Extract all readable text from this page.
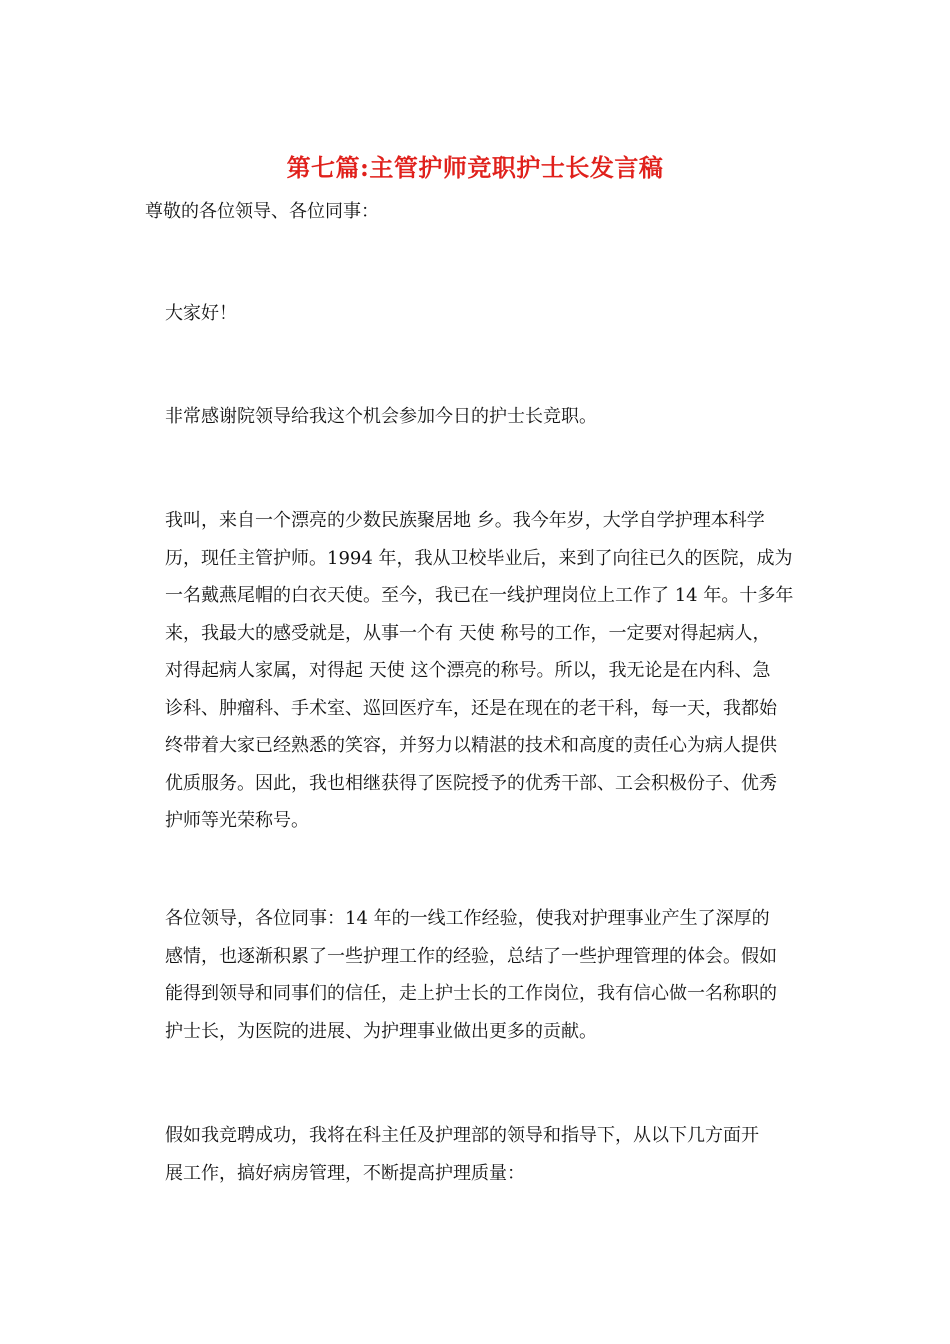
第七篇:主管护师竞职护士长发言稿
尊敬的各位领导、各位同事：
大家好！
非常感谢院领导给我这个机会参加今日的护士长竞职。
我叫，来自一个漂亮的少数民族聚居地 乡。我今年岁，大学自学护理本科学
历，现任主管护师。1994 年，我从卫校毕业后，来到了向往已久的医院，成为
一名戴燕尾帽的白衣天使。至今，我已在一线护理岗位上工作了 14 年。十多年
来，我最大的感受就是，从事一个有 天使 称号的工作，一定要对得起病人，
对得起病人家属，对得起 天使 这个漂亮的称号。所以，我无论是在内科、急
诊科、肿瘤科、手术室、巡回医疗车，还是在现在的老干科，每一天，我都始
终带着大家已经熟悉的笑容，并努力以精湛的技术和高度的责任心为病人提供
优质服务。因此，我也相继获得了医院授予的优秀干部、工会积极份子、优秀
护师等光荣称号。
各位领导，各位同事：14 年的一线工作经验，使我对护理事业产生了深厚的
感情，也逐渐积累了一些护理工作的经验，总结了一些护理管理的体会。假如
能得到领导和同事们的信任，走上护士长的工作岗位，我有信心做一名称职的
护士长，为医院的进展、为护理事业做出更多的贡献。
假如我竞聘成功，我将在科主任及护理部的领导和指导下，从以下几方面开
展工作，搞好病房管理，不断提高护理质量：
